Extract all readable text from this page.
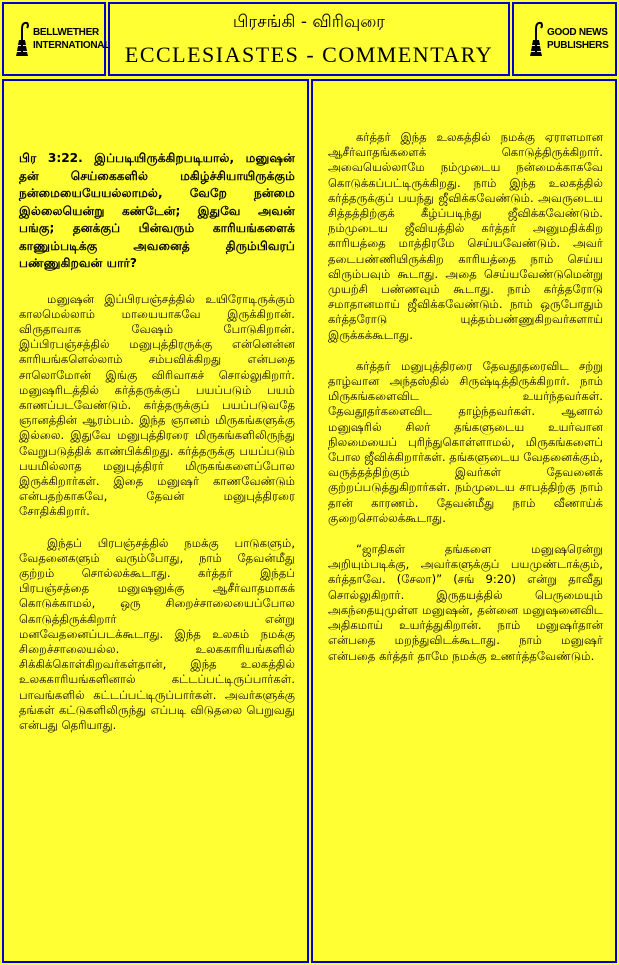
BELLWETHER
INTERNATIONAL
பிரசங்கி - விரிவுரை
ECCLESIASTES - COMMENTARY
GOOD NEWS
PUBLISHERS

பிர 3:22. இப்படியிருக்கிறபடியால், மனுஷன் தன் செய்கைகளில் மகிழ்ச்சியாயிருக்கும் நன்மையையேயல்லாமல், வேறே நன்மை இல்லையென்று கண்டேன்; இதுவே அவன் பங்கு; தனக்குப் பின்வரும் காரியங்களைக் காணும்படிக்கு அவனைத் திரும்பிவரப் பண்ணுகிறவன் யார்?

மனுஷன் இப்பிரபஞ்சத்தில் உயிரோடிருக்கும் காலமெல்லாம் மாயையாகவே இருக்கிறான். விருதாவாக வேஷம் போடுகிறான். இப்பிரபஞ்சத்தில் மனுபுத்திரருக்கு என்னென்ன காரியங்களெல்லாம் சம்பவிக்கிறது என்பதை சாலொமோன் இங்கு விரிவாகச் சொல்லுகிறார். மனுஷரிடத்தில் கர்த்தருக்குப் பயப்படும் பயம் காணப்படவேண்டும். கர்த்தருக்குப் பயப்படுவதே ஞானத்தின் ஆரம்பம். இந்த ஞானம் மிருகங்களுக்கு இல்லை. இதுவே மனுபுத்திரரை மிருகங்களிலிருந்து வேறுபடுத்திக் காண்பிக்கிறது. கர்த்தருக்கு பயப்படும் பயமில்லாத மனுபுத்திரர் மிருகங்களைப்போல இருக்கிறார்கள். இதை மனுஷர் காணவேண்டும் என்பதற்காகவே, தேவன் மனுபுத்திரரை சோதிக்கிறார்.

இந்தப் பிரபஞ்சத்தில் நமக்கு பாடுகளும், வேதனைகளும் வரும்போது, நாம் தேவன்மீது குற்றம் சொல்லக்கூடாது. கர்த்தர் இந்தப் பிரபஞ்சத்தை மனுஷனுக்கு ஆசீர்வாதமாகக் கொடுக்காமல், ஒரு சிறைச்சாலையைப்போல கொடுத்திருக்கிறார் என்று மனவேதனைப்படக்கூடாது. இந்த உலகம் நமக்கு சிறைச்சாலையல்ல. உலககாரியங்களில் சிக்கிக்கொள்கிறவர்கள்தான், இந்த உலகத்தில் உலககாரியங்களினால் கட்டப்பட்டிருப்பார்கள். பாவங்களில் கட்டப்பட்டிருப்பார்கள். அவர்களுக்கு தங்கள் கட்டுகளிலிருந்து எப்படி விடுதலை பெறுவது என்பது தெரியாது.

கர்த்தர் இந்த உலகத்தில் நமக்கு ஏராளமான ஆசீர்வாதங்களைக் கொடுத்திருக்கிறார். அவையெல்லாமே நம்முடைய நன்மைக்காகவே கொடுக்கப்பட்டிருக்கிறது. நாம் இந்த உலகத்தில் கர்த்தருக்குப் பயந்து ஜீவிக்கவேண்டும். அவருடைய சித்தத்திற்குக் கீழ்ப்படிந்து ஜீவிக்கவேண்டும். நம்முடைய ஜீவியத்தில் கர்த்தர் அனுமதிக்கிற காரியத்தை மாத்திரமே செய்யவேண்டும். அவர் தடைபண்ணியிருக்கிற காரியத்தை நாம் செய்ய விரும்பவும் கூடாது. அதை செய்யவேண்டுமென்று முயற்சி பண்ணவும் கூடாது. நாம் கர்த்தரோடு சமாதானமாய் ஜீவிக்கவேண்டும். நாம் ஒருபோதும் கர்த்தரோடு யுத்தம்பண்ணுகிறவர்களாய் இருக்கக்கூடாது.

கர்த்தர் மனுபுத்திரரை தேவதூதரைவிட சற்று தாழ்வான அந்தஸ்தில் சிருஷ்டித்திருக்கிறார். நாம் மிருகங்களைவிட உயர்ந்தவர்கள். தேவதூதர்களைவிட தாழ்ந்தவர்கள். ஆனால் மனுஷரில் சிலர் தங்களுடைய உயர்வான நிலமையைப் புரிந்துகொள்ளாமல், மிருகங்களைப் போல ஜீவிக்கிறார்கள். தங்களுடைய வேதனைக்கும், வருத்தத்திற்கும் இவர்கள் தேவனைக் குற்றப்படுத்துகிறார்கள். நம்முடைய சாபத்திற்கு நாம் தான் காரணம். தேவன்மீது நாம் வீணாய்க் குறைசொல்லக்கூடாது.

“ஜாதிகள் தங்களை மனுஷரென்று அறியும்படிக்கு, அவர்களுக்குப் பயமுண்டாக்கும், கர்த்தாவே. (சேலா)” (சங் 9:20) என்று தாவீது சொல்லுகிறார். இருதயத்தில் பெருமையும் அகந்தையுமுள்ள மனுஷன், தன்னை மனுஷனைவிட அதிகமாய் உயர்த்துகிறான். நாம் மனுஷர்தான் என்பதை மறந்துவிடக்கூடாது. நாம் மனுஷர் என்பதை கர்த்தர் தாமே நமக்கு உணர்த்தவேண்டும்.
